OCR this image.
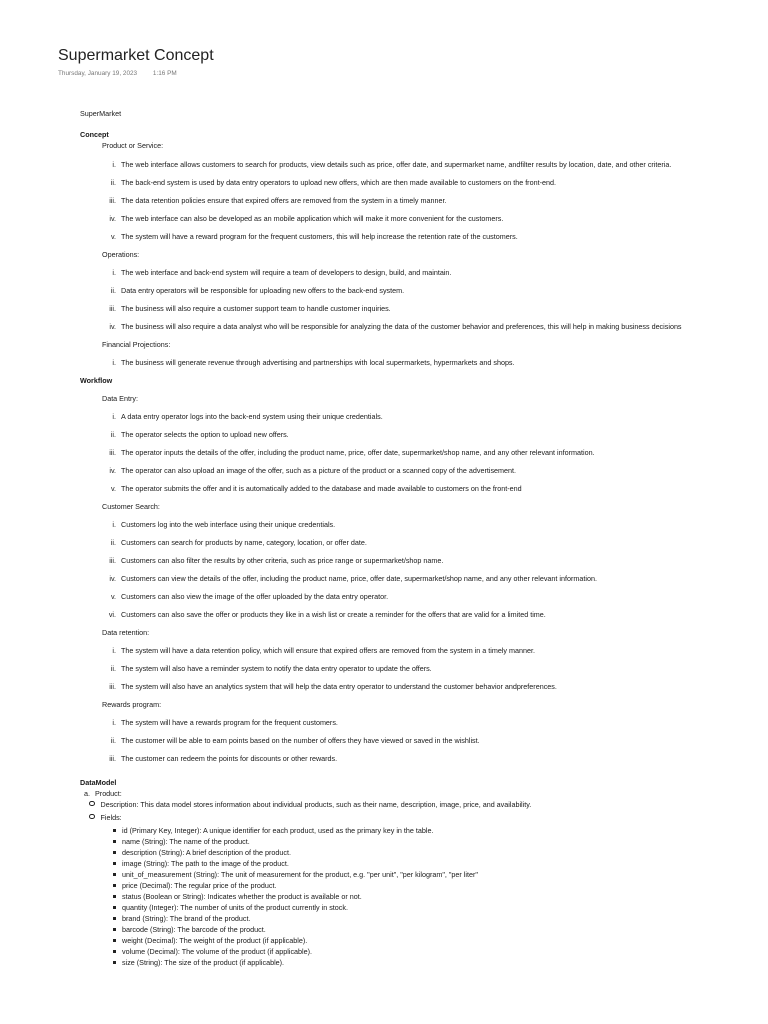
Supermarket Concept
Thursday, January 19, 2023 1:16 PM
SuperMarket
Concept
Product or Service:
i. The web interface allows customers to search for products, view details such as price, offer date, and supermarket name, andfilter results by location, date, and other criteria.
ii. The back-end system is used by data entry operators to upload new offers, which are then made available to customers on the front-end.
iii. The data retention policies ensure that expired offers are removed from the system in a timely manner.
iv. The web interface can also be developed as an mobile application which will make it more convenient for the customers.
v. The system will have a reward program for the frequent customers, this will help increase the retention rate of the customers.
Operations:
i. The web interface and back-end system will require a team of developers to design, build, and maintain.
ii. Data entry operators will be responsible for uploading new offers to the back-end system.
iii. The business will also require a customer support team to handle customer inquiries.
iv. The business will also require a data analyst who will be responsible for analyzing the data of the customer behavior and preferences, this will help in making business decisions
Financial Projections:
i. The business will generate revenue through advertising and partnerships with local supermarkets, hypermarkets and shops.
Workflow
Data Entry:
i. A data entry operator logs into the back-end system using their unique credentials.
ii. The operator selects the option to upload new offers.
iii. The operator inputs the details of the offer, including the product name, price, offer date, supermarket/shop name, and any other relevant information.
iv. The operator can also upload an image of the offer, such as a picture of the product or a scanned copy of the advertisement.
v. The operator submits the offer and it is automatically added to the database and made available to customers on the front-end
Customer Search:
i. Customers log into the web interface using their unique credentials.
ii. Customers can search for products by name, category, location, or offer date.
iii. Customers can also filter the results by other criteria, such as price range or supermarket/shop name.
iv. Customers can view the details of the offer, including the product name, price, offer date, supermarket/shop name, and any other relevant information.
v. Customers can also view the image of the offer uploaded by the data entry operator.
vi. Customers can also save the offer or products they like in a wish list or create a reminder for the offers that are valid for a limited time.
Data retention:
i. The system will have a data retention policy, which will ensure that expired offers are removed from the system in a timely manner.
ii. The system will also have a reminder system to notify the data entry operator to update the offers.
iii. The system will also have an analytics system that will help the data entry operator to understand the customer behavior andpreferences.
Rewards program:
i. The system will have a rewards program for the frequent customers.
ii. The customer will be able to earn points based on the number of offers they have viewed or saved in the wishlist.
iii. The customer can redeem the points for discounts or other rewards.
DataModel
a. Product:
Description: This data model stores information about individual products, such as their name, description, image, price, and availability.
Fields:
id (Primary Key, Integer): A unique identifier for each product, used as the primary key in the table.
name (String): The name of the product.
description (String): A brief description of the product.
image (String): The path to the image of the product.
unit_of_measurement (String): The unit of measurement for the product, e.g. "per unit", "per kilogram", "per liter"
price (Decimal): The regular price of the product.
status (Boolean or String): Indicates whether the product is available or not.
quantity (Integer): The number of units of the product currently in stock.
brand (String): The brand of the product.
barcode (String): The barcode of the product.
weight (Decimal): The weight of the product (if applicable).
volume (Decimal): The volume of the product (if applicable).
size (String): The size of the product (if applicable).
